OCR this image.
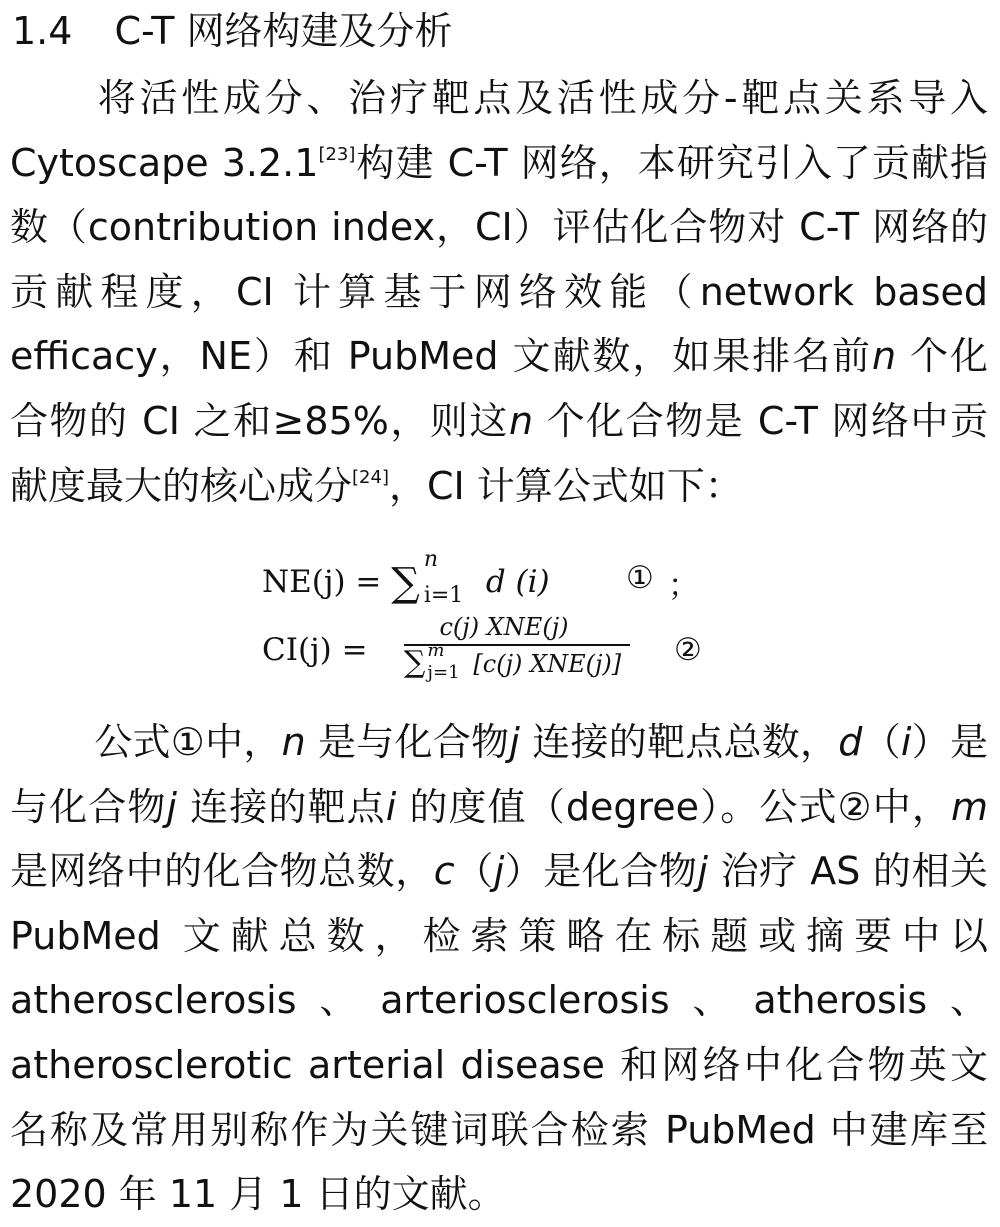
1.4 C-T 网络构建及分析
将活性成分、治疗靶点及活性成分-靶点关系导入 Cytoscape 3.2.1[23]构建 C-T 网络，本研究引入了贡献指数（contribution index，CI）评估化合物对 C-T 网络的贡献程度，CI 计算基于网络效能（network based efficacy，NE）和 PubMed 文献数，如果排名前n 个化合物的 CI 之和≥85%，则这n 个化合物是 C-T 网络中贡献度最大的核心成分[24]，CI 计算公式如下：
NE(j) = ∑
n
i=1 d (i) ① ；
CI(j) =
c(j) XNE(j)
∑ m
j=1 [c(j) XNE(j)] ②
公式①中，n 是与化合物j 连接的靶点总数，d（i）是与化合物j 连接的靶点i 的度值（degree）。公式②中，m 是网络中的化合物总数，c（j）是化合物j 治疗 AS 的相关 PubMed 文献总数，检索策略在标题或摘要中以 atherosclerosis、arteriosclerosis、atherosis、atherosclerotic arterial disease 和网络中化合物英文名称及常用别称作为关键词联合检索 PubMed 中建库至 2020 年 11 月 1 日的文献。
